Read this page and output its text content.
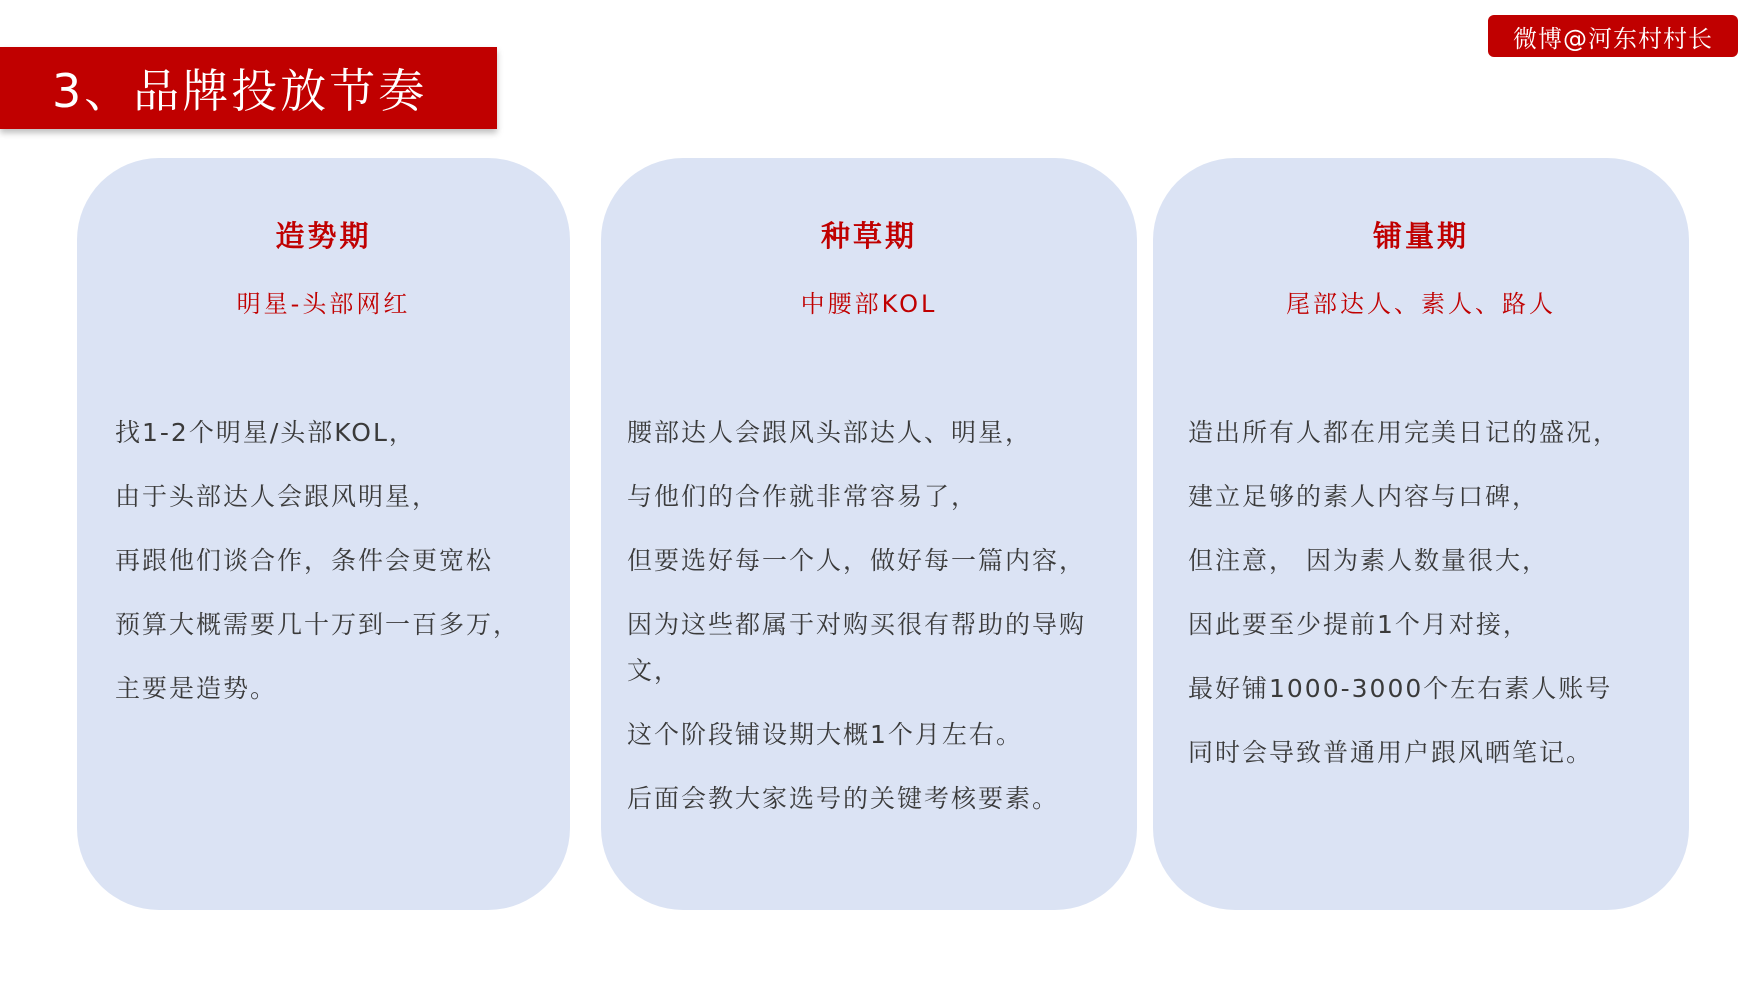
3、品牌投放节奏
微博@河东村村长
造势期
明星-头部网红
找1-2个明星/头部KOL，
由于头部达人会跟风明星，
再跟他们谈合作，条件会更宽松
预算大概需要几十万到一百多万，
主要是造势。
种草期
中腰部KOL
腰部达人会跟风头部达人、明星，
与他们的合作就非常容易了，
但要选好每一个人，做好每一篇内容，
因为这些都属于对购买很有帮助的导购文，
这个阶段铺设期大概1个月左右。
后面会教大家选号的关键考核要素。
铺量期
尾部达人、素人、路人
造出所有人都在用完美日记的盛况，
建立足够的素人内容与口碑，
但注意， 因为素人数量很大，
因此要至少提前1个月对接，
最好铺1000-3000个左右素人账号
同时会导致普通用户跟风晒笔记。
